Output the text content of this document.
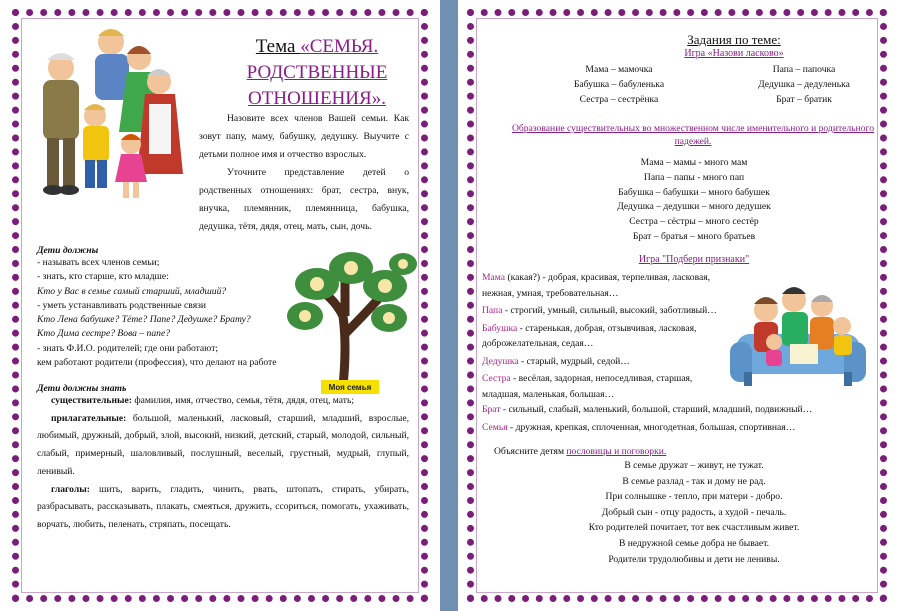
Тема «СЕМЬЯ. РОДСТВЕННЫЕ ОТНОШЕНИЯ».
Назовите всех членов Вашей семьи. Как зовут папу, маму, бабушку, дедушку. Выучите с детьми полное имя и отчество взрослых.
Уточните представление детей о родственных отношениях: брат, сестра, внук, внучка, племянник, племянница, бабушка, дедушка, тётя, дядя, отец, мать, сын, дочь.
Дети должны
- называть всех членов семьи;
- знать, кто старше, кто младше:
Кто у Вас в семье самый старший, младший?
- уметь устанавливать родственные связи
Кто Лена бабушке? Тёте? Папе? Дедушке? Брату?
Кто Дима сестре? Вова – папе?
- знать Ф.И.О. родителей; где они работают;
кем работают родители (профессия), что делают на работе
Моя семья
Дети должны знать
существительные: фамилия, имя, отчество, семья, тётя, дядя, отец, мать;
прилагательные: большой, маленький, ласковый, старший, младший, взрослые, любимый, дружный, добрый, злой, высокий, низкий, детский, старый, молодой, сильный, слабый, примерный, шаловливый, послушный, веселый, грустный, мудрый, глупый, ленивый.
глаголы: шить, варить, гладить, чинить, рвать, штопать, стирать, убирать, разбрасывать, рассказывать, плакать, смеяться, дружить, ссориться, помогать, ухаживать, ворчать, любить, пеленать, стряпать, посещать.
Задания по теме:
Игра «Назови ласково»
Мама – мамочка	Папа – папочка
Бабушка – бабуленька	Дедушка – дедуленька
Сестра – сестрёнка	Брат – братик
Образование существительных во множественном числе именительного и родительного падежей.
Мама – мамы - много мам
Папа – папы - много пап
Бабушка – бабушки – много бабушек
Дедушка – дедушки – много дедушек
Сестра – сёстры – много сестёр
Брат – братья – много братьев
Игра "Подбери признаки"
Мама (какая?) - добрая, красивая, терпеливая, ласковая, нежная, умная, требовательная…
Папа - строгий, умный, сильный, высокий, заботливый…
Бабушка - старенькая, добрая, отзывчивая, ласковая, доброжелательная, седая…
Дедушка - старый, мудрый, седой…
Сестра - весёлая, задорная, непоседливая, старшая, младшая, маленькая, большая…
Брат - сильный, слабый, маленький, большой, старший, младший, подвижный…
Семья - дружная, крепкая, сплоченная, многодетная, большая, спортивная…
Объясните детям пословицы и поговорки.
В семье дружат – живут, не тужат.
В семье разлад - так и дому не рад.
При солнышке - тепло, при матери - добро.
Добрый сын - отцу радость, а худой - печаль.
Кто родителей почитает, тот век счастливым живет.
В недружной семье добра не бывает.
Родители трудолюбивы и дети не ленивы.
